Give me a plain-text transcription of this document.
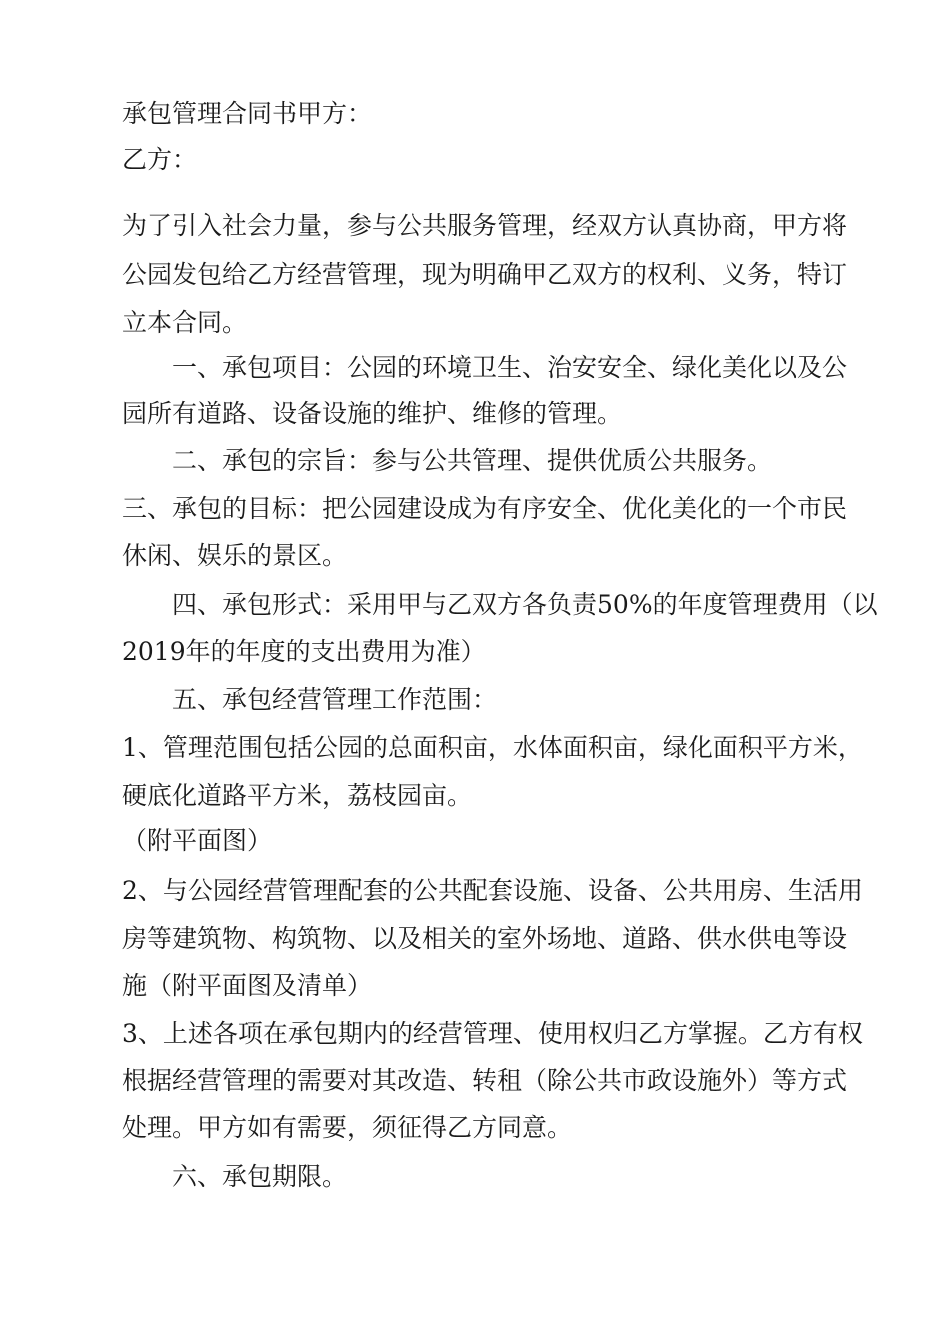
承包管理合同书甲方：
乙方：
为了引入社会力量，参与公共服务管理，经双方认真协商，甲方将
公园发包给乙方经营管理，现为明确甲乙双方的权利、义务，特订
立本合同。
一、承包项目：公园的环境卫生、治安安全、绿化美化以及公
园所有道路、设备设施的维护、维修的管理。
二、承包的宗旨：参与公共管理、提供优质公共服务。
三、承包的目标：把公园建设成为有序安全、优化美化的一个市民
休闲、娱乐的景区。
四、承包形式：采用甲与乙双方各负责50%的年度管理费用（以
2019年的年度的支出费用为准）
五、承包经营管理工作范围：
1、管理范围包括公园的总面积亩，水体面积亩，绿化面积平方米，
硬底化道路平方米，荔枝园亩。
（附平面图）
2、与公园经营管理配套的公共配套设施、设备、公共用房、生活用
房等建筑物、构筑物、以及相关的室外场地、道路、供水供电等设
施（附平面图及清单）
3、上述各项在承包期内的经营管理、使用权归乙方掌握。乙方有权
根据经营管理的需要对其改造、转租（除公共市政设施外）等方式
处理。甲方如有需要，须征得乙方同意。
六、承包期限。
